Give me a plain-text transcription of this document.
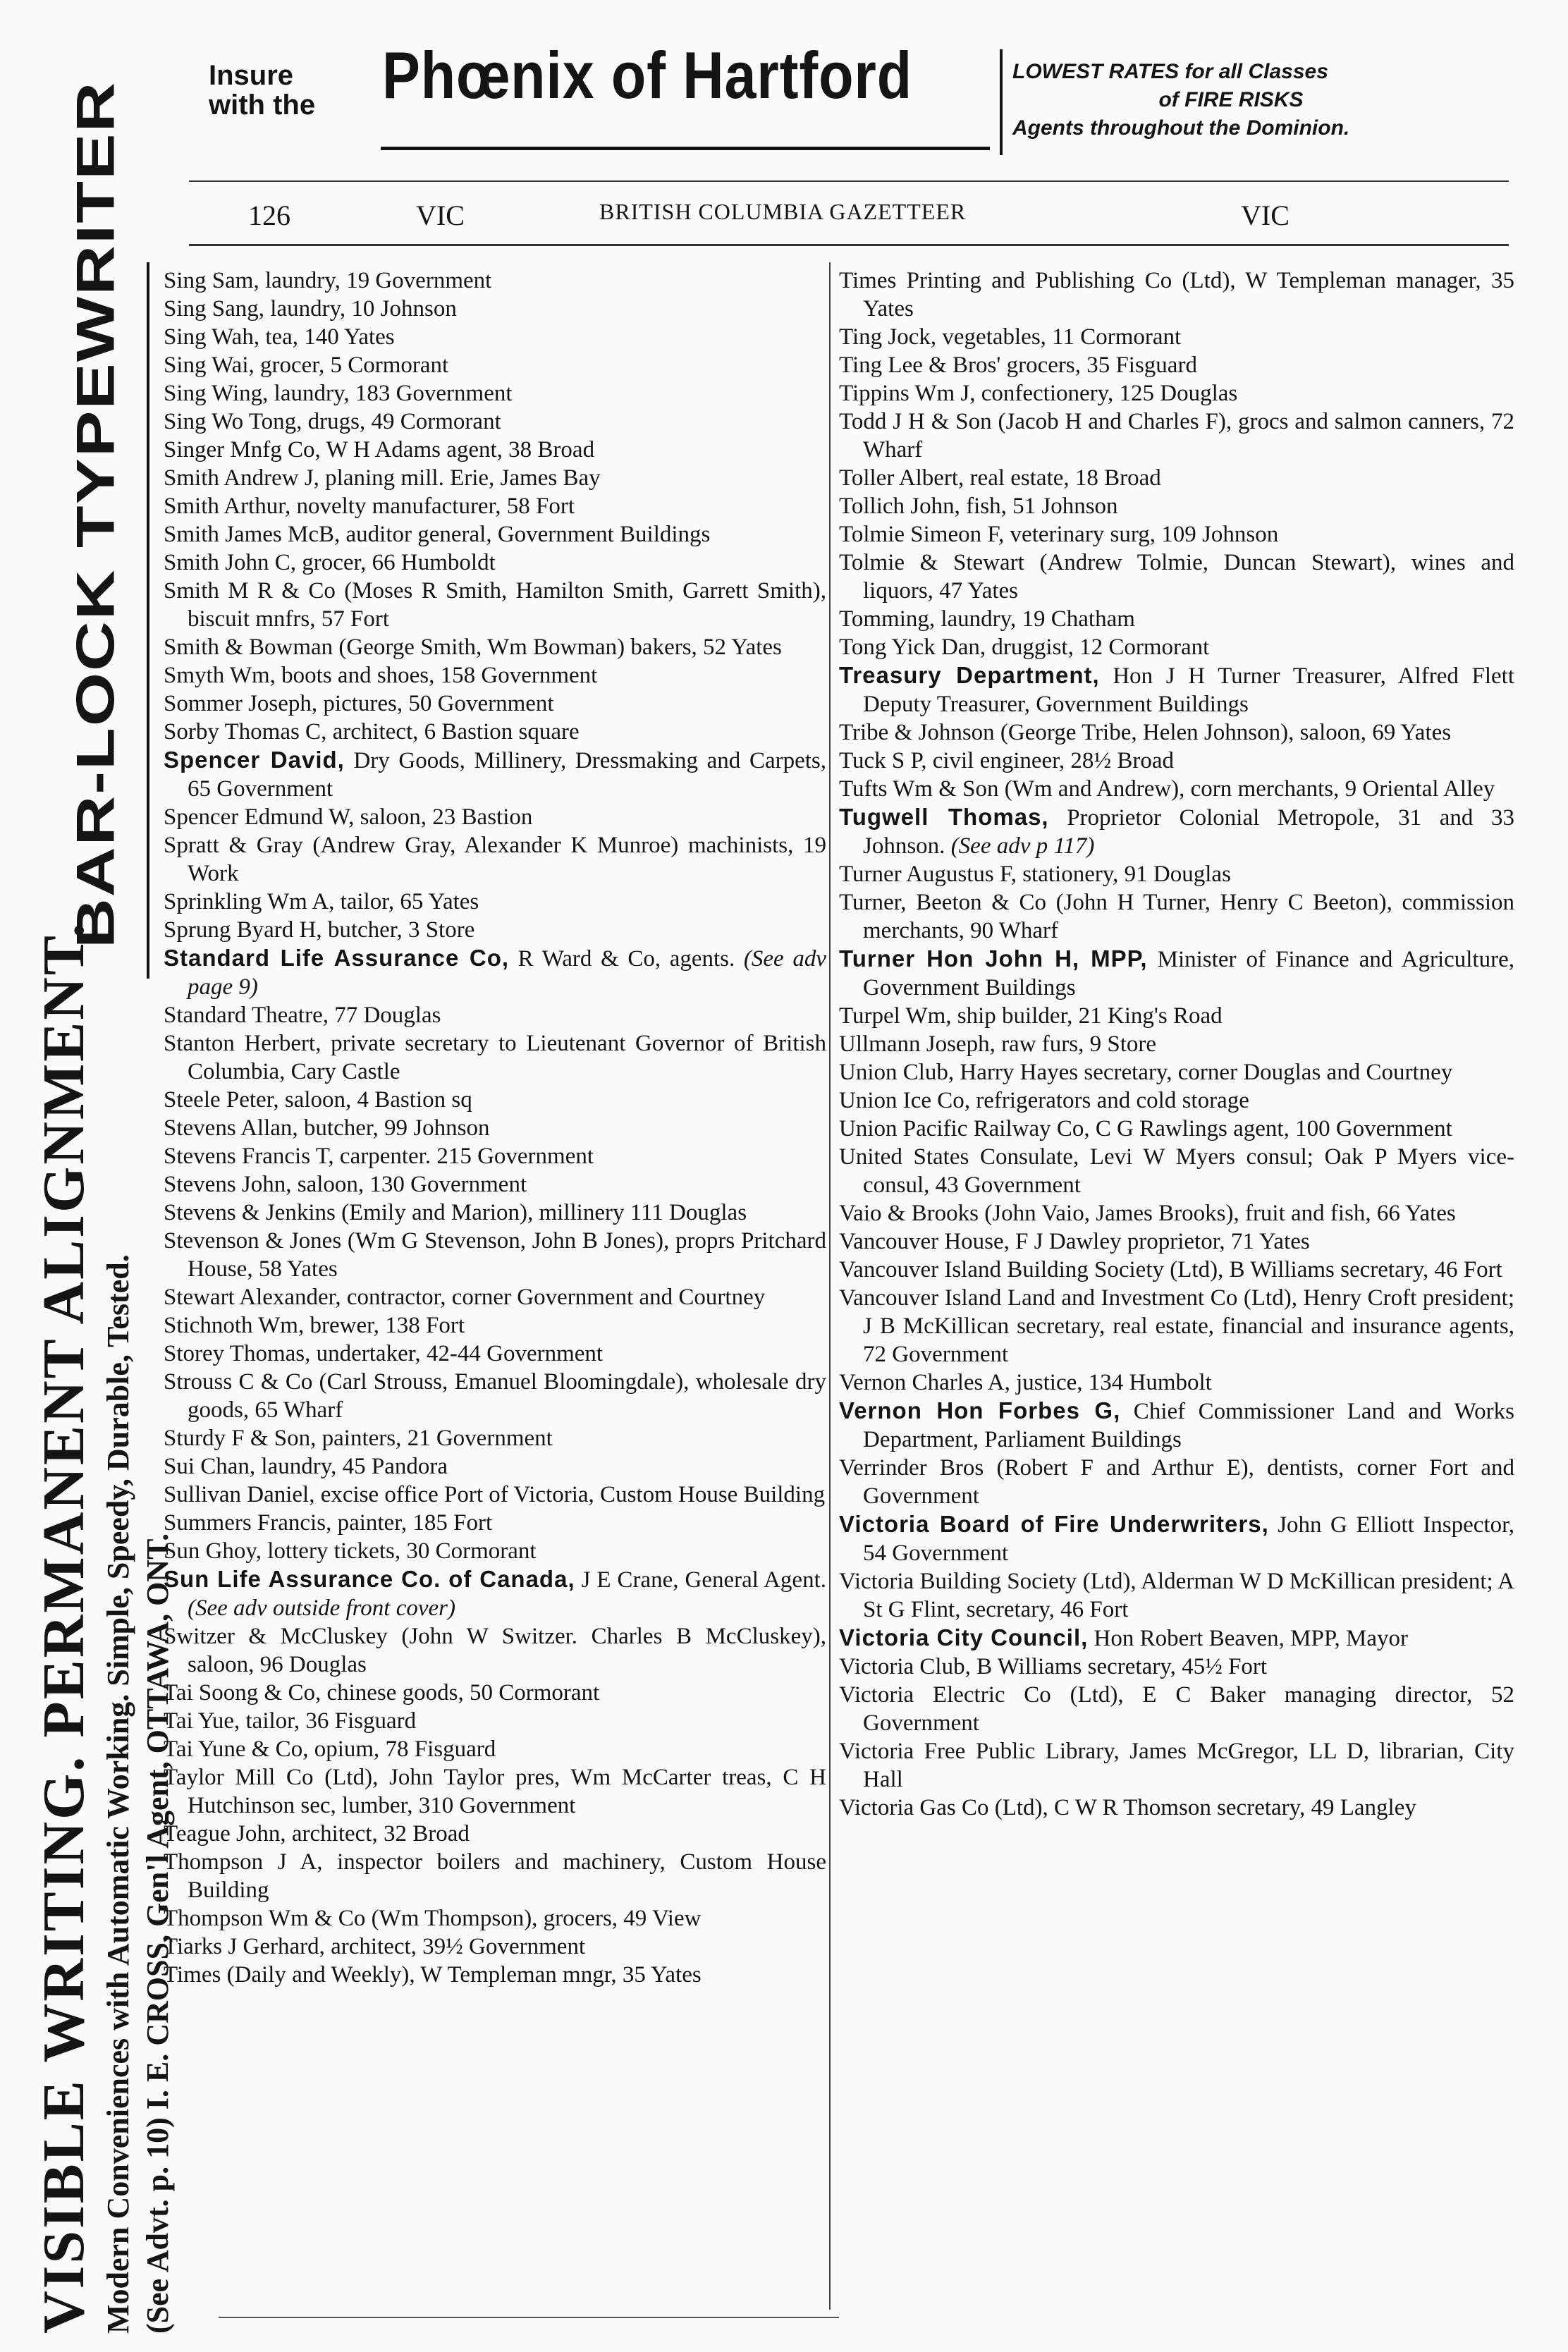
Insure
with the Phœnix of Hartford	LOWEST RATES for all Classes
of FIRE RISKS
Agents throughout the Dominion.
126	VIC	BRITISH COLUMBIA GAZETTEER	VIC
BAR-LOCK TYPEWRITER
VISIBLE WRITING. PERMANENT ALIGNMENT. Modern Conveniences with Automatic Working. Simple, Speedy, Durable, Tested. (See Advt. p. 10) I. E. CROSS, Gen'l Agent, OTTAWA, ONT.

Sing Sam, laundry, 19 Government

Sing Sang, laundry, 10 Johnson

Sing Wah, tea, 140 Yates

Sing Wai, grocer, 5 Cormorant

Sing Wing, laundry, 183 Government

Sing Wo Tong, drugs, 49 Cormorant

Singer Mnfg Co, W H Adams agent, 38 Broad

Smith Andrew J, planing mill. Erie, James Bay

Smith Arthur, novelty manufacturer, 58 Fort

Smith James McB, auditor general, Government Buildings

Smith John C, grocer, 66 Humboldt

Smith M R & Co (Moses R Smith, Hamilton Smith, Garrett Smith), biscuit mnfrs, 57 Fort

Smith & Bowman (George Smith, Wm Bowman) bakers, 52 Yates

Smyth Wm, boots and shoes, 158 Government

Sommer Joseph, pictures, 50 Government

Sorby Thomas C, architect, 6 Bastion square

Spencer David, Dry Goods, Millinery, Dressmaking and Carpets, 65 Government

Spencer Edmund W, saloon, 23 Bastion

Spratt & Gray (Andrew Gray, Alexander K Munroe) machinists, 19 Work

Sprinkling Wm A, tailor, 65 Yates

Sprung Byard H, butcher, 3 Store

Standard Life Assurance Co, R Ward & Co, agents. (See adv page 9)

Standard Theatre, 77 Douglas

Stanton Herbert, private secretary to Lieutenant Governor of British Columbia, Cary Castle

Steele Peter, saloon, 4 Bastion sq

Stevens Allan, butcher, 99 Johnson

Stevens Francis T, carpenter. 215 Government

Stevens John, saloon, 130 Government

Stevens & Jenkins (Emily and Marion), millinery 111 Douglas

Stevenson & Jones (Wm G Stevenson, John B Jones), proprs Pritchard House, 58 Yates

Stewart Alexander, contractor, corner Government and Courtney

Stichnoth Wm, brewer, 138 Fort

Storey Thomas, undertaker, 42-44 Government

Strouss C & Co (Carl Strouss, Emanuel Bloomingdale), wholesale dry goods, 65 Wharf

Sturdy F & Son, painters, 21 Government

Sui Chan, laundry, 45 Pandora

Sullivan Daniel, excise office Port of Victoria, Custom House Building

Summers Francis, painter, 185 Fort

Sun Ghoy, lottery tickets, 30 Cormorant

Sun Life Assurance Co. of Canada, J E Crane, General Agent. (See adv outside front cover)

Switzer & McCluskey (John W Switzer. Charles B McCluskey), saloon, 96 Douglas

Tai Soong & Co, chinese goods, 50 Cormorant

Tai Yue, tailor, 36 Fisguard

Tai Yune & Co, opium, 78 Fisguard

Taylor Mill Co (Ltd), John Taylor pres, Wm McCarter treas, C H Hutchinson sec, lumber, 310 Government

Teague John, architect, 32 Broad

Thompson J A, inspector boilers and machinery, Custom House Building

Thompson Wm & Co (Wm Thompson), grocers, 49 View

Tiarks J Gerhard, architect, 39½ Government

Times (Daily and Weekly), W Templeman mngr, 35 Yates

Times Printing and Publishing Co (Ltd), W Templeman manager, 35 Yates

Ting Jock, vegetables, 11 Cormorant

Ting Lee & Bros' grocers, 35 Fisguard

Tippins Wm J, confectionery, 125 Douglas

Todd J H & Son (Jacob H and Charles F), grocs and salmon canners, 72 Wharf

Toller Albert, real estate, 18 Broad

Tollich John, fish, 51 Johnson

Tolmie Simeon F, veterinary surg, 109 Johnson

Tolmie & Stewart (Andrew Tolmie, Duncan Stewart), wines and liquors, 47 Yates

Tomming, laundry, 19 Chatham

Tong Yick Dan, druggist, 12 Cormorant

Treasury Department, Hon J H Turner Treasurer, Alfred Flett Deputy Treasurer, Government Buildings

Tribe & Johnson (George Tribe, Helen Johnson), saloon, 69 Yates

Tuck S P, civil engineer, 28½ Broad

Tufts Wm & Son (Wm and Andrew), corn merchants, 9 Oriental Alley

Tugwell Thomas, Proprietor Colonial Metropole, 31 and 33 Johnson. (See adv p 117)

Turner Augustus F, stationery, 91 Douglas

Turner, Beeton & Co (John H Turner, Henry C Beeton), commission merchants, 90 Wharf

Turner Hon John H, MPP, Minister of Finance and Agriculture, Government Buildings

Turpel Wm, ship builder, 21 King's Road

Ullmann Joseph, raw furs, 9 Store

Union Club, Harry Hayes secretary, corner Douglas and Courtney

Union Ice Co, refrigerators and cold storage

Union Pacific Railway Co, C G Rawlings agent, 100 Government

United States Consulate, Levi W Myers consul; Oak P Myers vice-consul, 43 Government

Vaio & Brooks (John Vaio, James Brooks), fruit and fish, 66 Yates

Vancouver House, F J Dawley proprietor, 71 Yates

Vancouver Island Building Society (Ltd), B Williams secretary, 46 Fort

Vancouver Island Land and Investment Co (Ltd), Henry Croft president; J B McKillican secretary, real estate, financial and insurance agents, 72 Government

Vernon Charles A, justice, 134 Humbolt

Vernon Hon Forbes G, Chief Commissioner Land and Works Department, Parliament Buildings

Verrinder Bros (Robert F and Arthur E), dentists, corner Fort and Government

Victoria Board of Fire Underwriters, John G Elliott Inspector, 54 Government

Victoria Building Society (Ltd), Alderman W D McKillican president; A St G Flint, secretary, 46 Fort

Victoria City Council, Hon Robert Beaven, MPP, Mayor

Victoria Club, B Williams secretary, 45½ Fort

Victoria Electric Co (Ltd), E C Baker managing director, 52 Government

Victoria Free Public Library, James McGregor, LL D, librarian, City Hall

Victoria Gas Co (Ltd), C W R Thomson secretary, 49 Langley
